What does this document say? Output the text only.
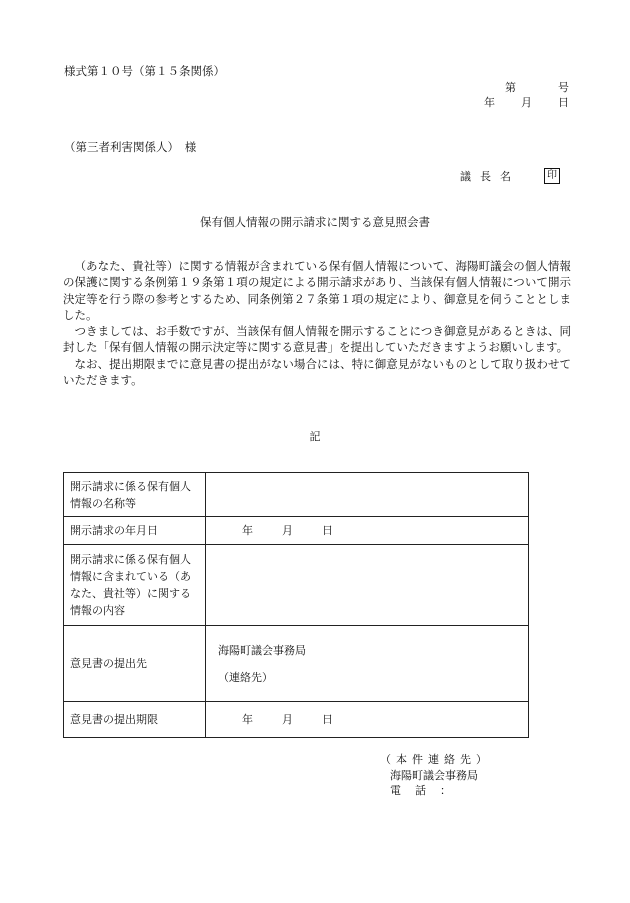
様式第１０号（第１５条関係）
第	号
年 月 日
（第三者利害関係人）　様
議長名	印
保有個人情報の開示請求に関する意見照会書

（あなた、貴社等）に関する情報が含まれている保有個人情報について、海陽町議会の個人情報の保護に関する条例第１９条第１項の規定による開示請求があり、当該保有個人情報について開示決定等を行う際の参考とするため、同条例第２７条第１項の規定により、御意見を伺うこととしました。

つきましては、お手数ですが、当該保有個人情報を開示することにつき御意見があるときは、同封した「保有個人情報の開示決定等に関する意見書」を提出していただきますようお願いします。

なお、提出期限までに意見書の提出がない場合には、特に御意見がないものとして取り扱わせていただきます。

記
開示請求に係る保有個人情報の名称等	
開示請求の年月日	年 月 日

開示請求に係る保有個人情報に含まれている（あなた、貴社等）に関する情報の内容	
意見書の提出先	海陽町議会事務局
（連絡先）

意見書の提出期限	年 月 日
（本件連絡先）
海陽町議会事務局
電話：
